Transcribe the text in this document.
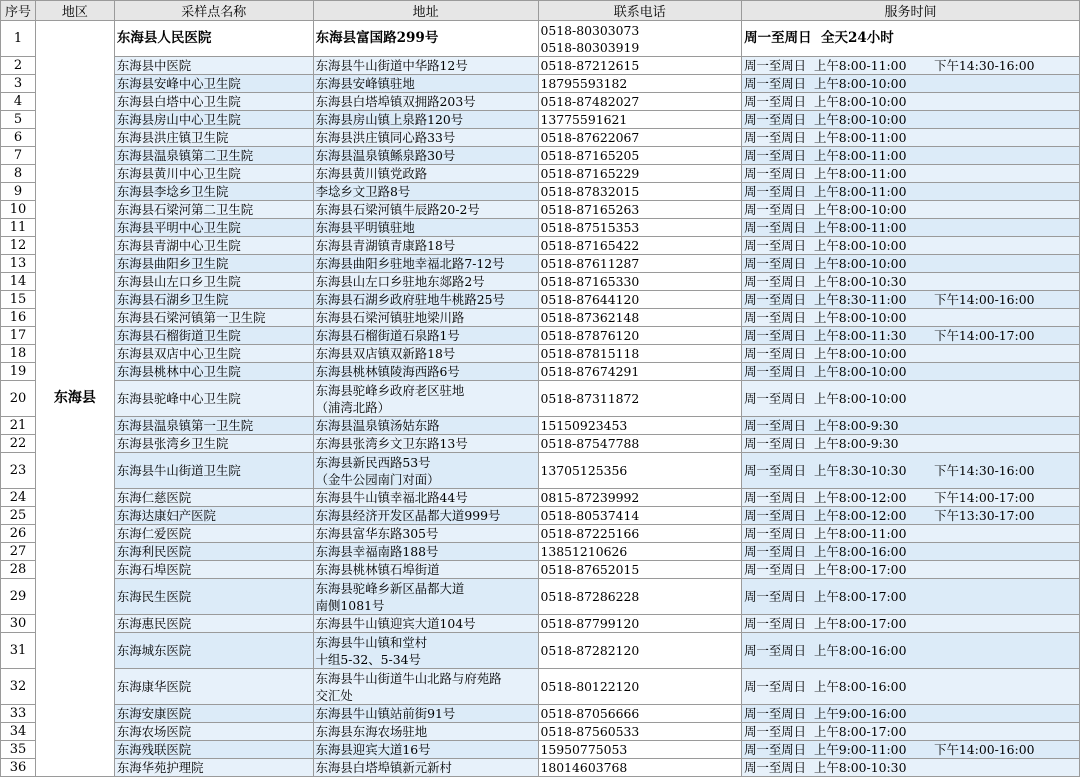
序号	地区	采样点名称	地址	联系电话	服务时间
1	东海县	东海县人民医院	东海县富国路299号	0518-80303073
0518-80303919	周一至周日 全天24小时
2		东海县中医院	东海县牛山街道中华路12号	0518-87212615	周一至周日 上午8:00-11:00 下午14:30-16:00
3		东海县安峰中心卫生院	东海县安峰镇驻地	18795593182	周一至周日 上午8:00-10:00
4		东海县白塔中心卫生院	东海县白塔埠镇双拥路203号	0518-87482027	周一至周日 上午8:00-10:00
5		东海县房山中心卫生院	东海县房山镇上泉路120号	13775591621	周一至周日 上午8:00-10:00
6		东海县洪庄镇卫生院	东海县洪庄镇同心路33号	0518-87622067	周一至周日 上午8:00-11:00
7		东海县温泉镇第二卫生院	东海县温泉镇鲧泉路30号	0518-87165205	周一至周日 上午8:00-11:00
8		东海县黄川中心卫生院	东海县黄川镇党政路	0518-87165229	周一至周日 上午8:00-11:00
9		东海县李埝乡卫生院	李埝乡文卫路8号	0518-87832015	周一至周日 上午8:00-11:00
10		东海县石梁河第二卫生院	东海县石梁河镇牛辰路20-2号	0518-87165263	周一至周日 上午8:00-10:00
11		东海县平明中心卫生院	东海县平明镇驻地	0518-87515353	周一至周日 上午8:00-11:00
12		东海县青湖中心卫生院	东海县青湖镇青康路18号	0518-87165422	周一至周日 上午8:00-10:00
13		东海县曲阳乡卫生院	东海县曲阳乡驻地幸福北路7-12号	0518-87611287	周一至周日 上午8:00-10:00
14		东海县山左口乡卫生院	东海县山左口乡驻地东郯路2号	0518-87165330	周一至周日 上午8:00-10:30
15		东海县石湖乡卫生院	东海县石湖乡政府驻地牛桃路25号	0518-87644120	周一至周日 上午8:30-11:00 下午14:00-16:00
16		东海县石梁河镇第一卫生院	东海县石梁河镇驻地梁川路	0518-87362148	周一至周日 上午8:00-10:00
17		东海县石榴街道卫生院	东海县石榴街道石泉路1号	0518-87876120	周一至周日 上午8:00-11:30 下午14:00-17:00
18		东海县双店中心卫生院	东海县双店镇双新路18号	0518-87815118	周一至周日 上午8:00-10:00
19		东海县桃林中心卫生院	东海县桃林镇陵海西路6号	0518-87674291	周一至周日 上午8:00-10:00
20		东海县驼峰中心卫生院	东海县驼峰乡政府老区驻地
（浦湾北路）	0518-87311872	周一至周日 上午8:00-10:00
21		东海县温泉镇第一卫生院	东海县温泉镇汤姑东路	15150923453	周一至周日 上午8:00-9:30
22		东海县张湾乡卫生院	东海县张湾乡文卫东路13号	0518-87547788	周一至周日 上午8:00-9:30
23		东海县牛山街道卫生院	东海县新民西路53号
（金牛公园南门对面）	13705125356	周一至周日 上午8:30-10:30 下午14:30-16:00
24		东海仁慈医院	东海县牛山镇幸福北路44号	0815-87239992	周一至周日 上午8:00-12:00 下午14:00-17:00
25		东海达康妇产医院	东海县经济开发区晶都大道999号	0518-80537414	周一至周日 上午8:00-12:00 下午13:30-17:00
26		东海仁爱医院	东海县富华东路305号	0518-87225166	周一至周日 上午8:00-11:00
27		东海利民医院	东海县幸福南路188号	13851210626	周一至周日 上午8:00-16:00
28		东海石埠医院	东海县桃林镇石埠街道	0518-87652015	周一至周日 上午8:00-17:00
29		东海民生医院	东海县驼峰乡新区晶都大道
南侧1081号	0518-87286228	周一至周日 上午8:00-17:00
30		东海惠民医院	东海县牛山镇迎宾大道104号	0518-87799120	周一至周日 上午8:00-17:00
31		东海城东医院	东海县牛山镇和堂村
十组5-32、5-34号	0518-87282120	周一至周日 上午8:00-16:00
32		东海康华医院	东海县牛山街道牛山北路与府苑路
交汇处	0518-80122120	周一至周日 上午8:00-16:00
33		东海安康医院	东海县牛山镇站前街91号	0518-87056666	周一至周日 上午9:00-16:00
34		东海农场医院	东海县东海农场驻地	0518-87560533	周一至周日 上午8:00-17:00
35		东海残联医院	东海县迎宾大道16号	15950775053	周一至周日 上午9:00-11:00 下午14:00-16:00
36		东海华苑护理院	东海县白塔埠镇新元新村	18014603768	周一至周日 上午8:00-10:30
